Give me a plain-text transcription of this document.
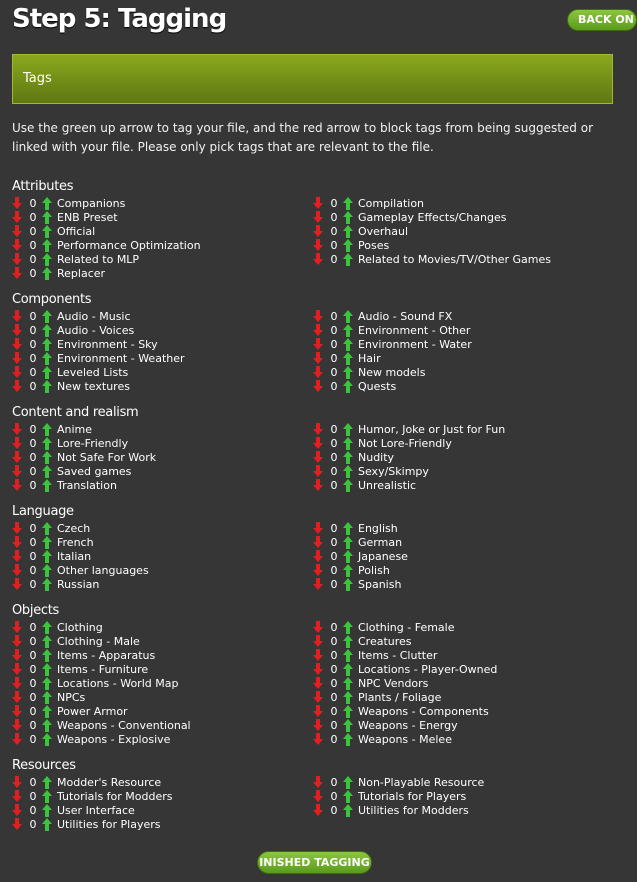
Step 5: Tagging	BACK ON
Tags
Use the green up arrow to tag your file, and the red arrow to block tags from being suggested or linked with your file. Please only pick tags that are relevant to the file.
Attributes
0	Companions
0	ENB Preset
0	Official
0	Performance Optimization
0	Related to MLP
0	Replacer
0	Compilation
0	Gameplay Effects/Changes
0	Overhaul
0	Poses
0	Related to Movies/TV/Other Games
Components
0	Audio - Music
0	Audio - Voices
0	Environment - Sky
0	Environment - Weather
0	Leveled Lists
0	New textures
0	Audio - Sound FX
0	Environment - Other
0	Environment - Water
0	Hair
0	New models
0	Quests
Content and realism
0	Anime
0	Lore-Friendly
0	Not Safe For Work
0	Saved games
0	Translation
0	Humor, Joke or Just for Fun
0	Not Lore-Friendly
0	Nudity
0	Sexy/Skimpy
0	Unrealistic
Language
0	Czech
0	French
0	Italian
0	Other languages
0	Russian
0	English
0	German
0	Japanese
0	Polish
0	Spanish
Objects
0	Clothing
0	Clothing - Male
0	Items - Apparatus
0	Items - Furniture
0	Locations - World Map
0	NPCs
0	Power Armor
0	Weapons - Conventional
0	Weapons - Explosive
0	Clothing - Female
0	Creatures
0	Items - Clutter
0	Locations - Player-Owned
0	NPC Vendors
0	Plants / Foliage
0	Weapons - Components
0	Weapons - Energy
0	Weapons - Melee
Resources
0	Modder's Resource
0	Tutorials for Modders
0	User Interface
0	Utilities for Players
0	Non-Playable Resource
0	Tutorials for Players
0	Utilities for Modders
INISHED TAGGING
